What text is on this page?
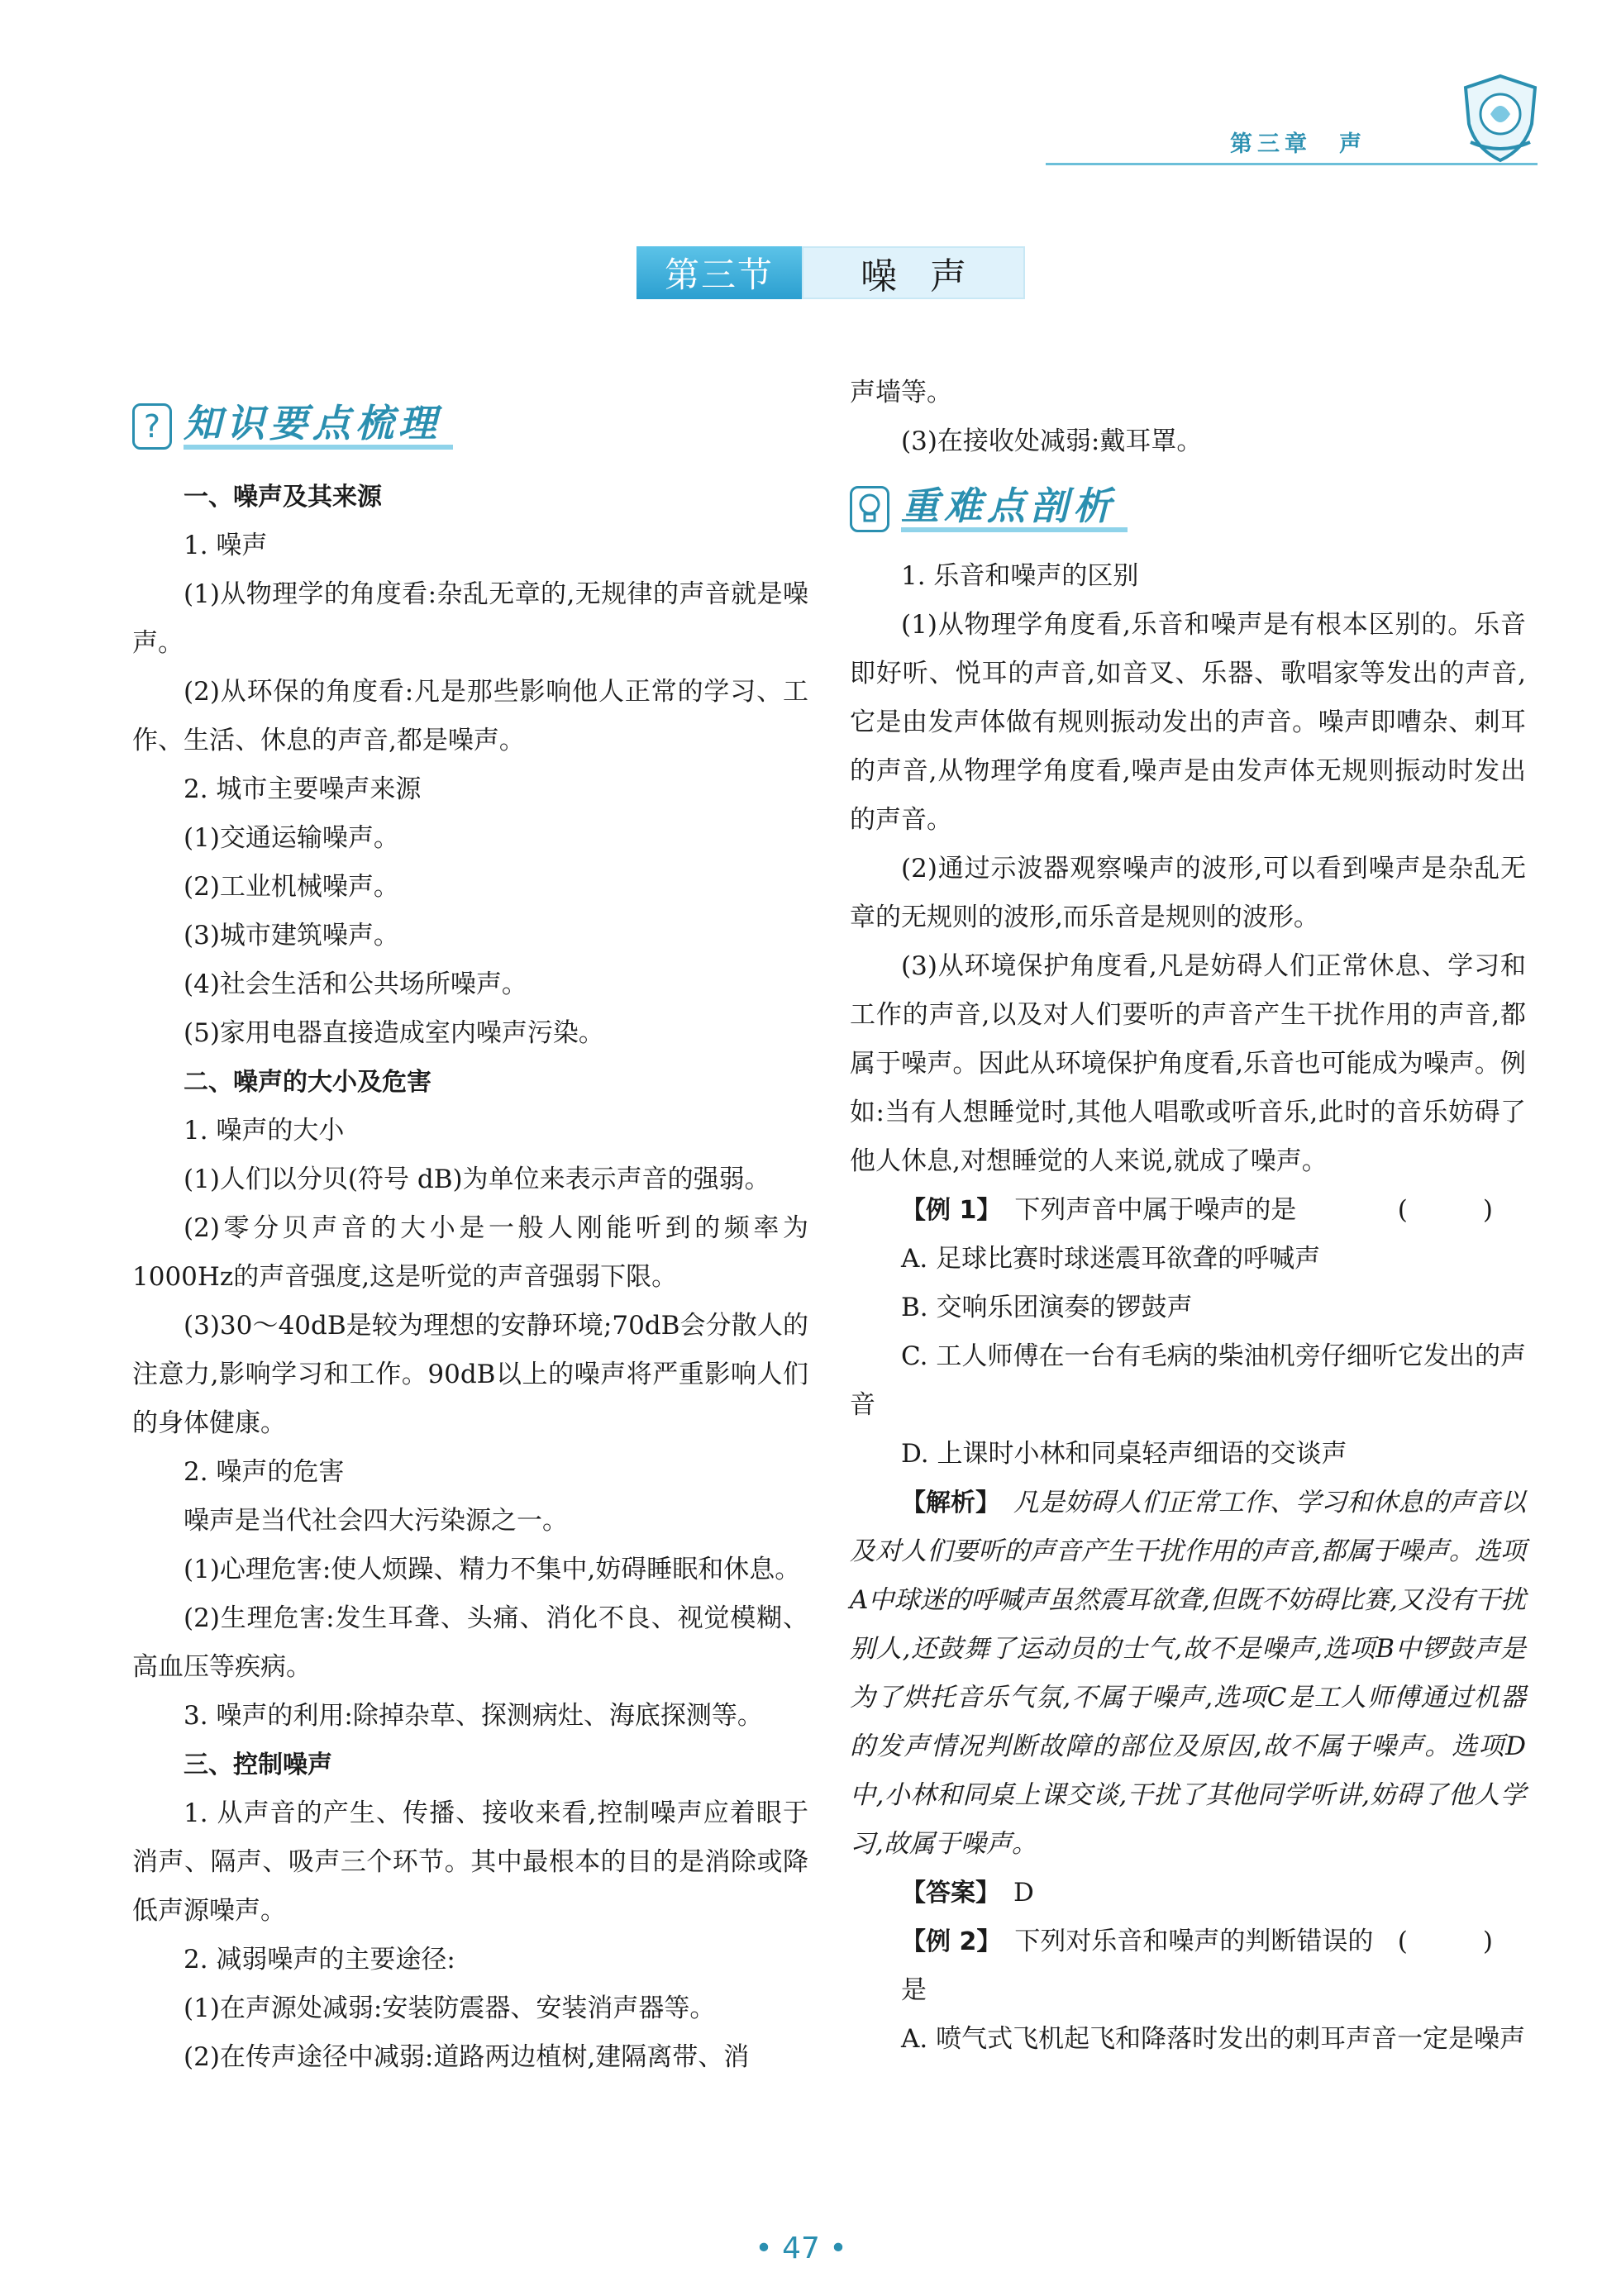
第三章　声
第三节	噪声
? 知识要点梳理

一、噪声及其来源

1. 噪声

(1)从物理学的角度看:杂乱无章的,无规律的声音就是噪声。

(2)从环保的角度看:凡是那些影响他人正常的学习、工作、生活、休息的声音,都是噪声。

2. 城市主要噪声来源

(1)交通运输噪声。

(2)工业机械噪声。

(3)城市建筑噪声。

(4)社会生活和公共场所噪声。

(5)家用电器直接造成室内噪声污染。

二、噪声的大小及危害

1. 噪声的大小

(1)人们以分贝(符号 dB)为单位来表示声音的强弱。

(2)零分贝声音的大小是一般人刚能听到的频率为1000Hz的声音强度,这是听觉的声音强弱下限。

(3)30～40dB是较为理想的安静环境;70dB会分散人的注意力,影响学习和工作。90dB以上的噪声将严重影响人们的身体健康。

2. 噪声的危害

噪声是当代社会四大污染源之一。

(1)心理危害:使人烦躁、精力不集中,妨碍睡眠和休息。

(2)生理危害:发生耳聋、头痛、消化不良、视觉模糊、高血压等疾病。

3. 噪声的利用:除掉杂草、探测病灶、海底探测等。

三、控制噪声

1. 从声音的产生、传播、接收来看,控制噪声应着眼于消声、隔声、吸声三个环节。其中最根本的目的是消除或降低声源噪声。

2. 减弱噪声的主要途径:

(1)在声源处减弱:安装防震器、安装消声器等。

(2)在传声途径中减弱:道路两边植树,建隔离带、消

声墙等。

(3)在接收处减弱:戴耳罩。

重难点剖析

1. 乐音和噪声的区别

(1)从物理学角度看,乐音和噪声是有根本区别的。乐音即好听、悦耳的声音,如音叉、乐器、歌唱家等发出的声音,它是由发声体做有规则振动发出的声音。噪声即嘈杂、刺耳的声音,从物理学角度看,噪声是由发声体无规则振动时发出的声音。

(2)通过示波器观察噪声的波形,可以看到噪声是杂乱无章的无规则的波形,而乐音是规则的波形。

(3)从环境保护角度看,凡是妨碍人们正常休息、学习和工作的声音,以及对人们要听的声音产生干扰作用的声音,都属于噪声。因此从环境保护角度看,乐音也可能成为噪声。例如:当有人想睡觉时,其他人唱歌或听音乐,此时的音乐妨碍了他人休息,对想睡觉的人来说,就成了噪声。

【例 1】　 下列声音中属于噪声的是	(　)

A. 足球比赛时球迷震耳欲聋的呼喊声

B. 交响乐团演奏的锣鼓声

C. 工人师傅在一台有毛病的柴油机旁仔细听它发出的声音

D. 上课时小林和同桌轻声细语的交谈声

【解析】　 凡是妨碍人们正常工作、学习和休息的声音以及对人们要听的声音产生干扰作用的声音,都属于噪声。选项A中球迷的呼喊声虽然震耳欲聋,但既不妨碍比赛,又没有干扰别人,还鼓舞了运动员的士气,故不是噪声,选项B中锣鼓声是为了烘托音乐气氛,不属于噪声,选项C是工人师傅通过机器的发声情况判断故障的部位及原因,故不属于噪声。选项D中,小林和同桌上课交谈,干扰了其他同学听讲,妨碍了他人学习,故属于噪声。

【答案】　 D

【例 2】　 下列对乐音和噪声的判断错误的是
(　)

A. 喷气式飞机起飞和降落时发出的刺耳声音一定是噪声

• 47 •
